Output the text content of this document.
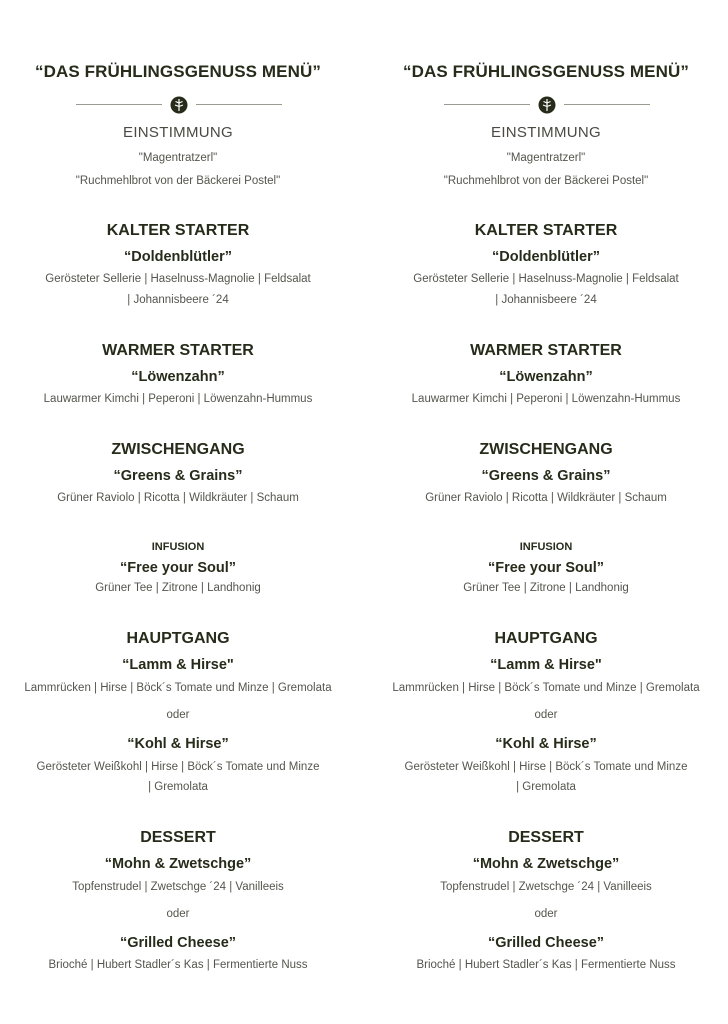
“DAS FRÜHLINGSGENUSS MENÜ”
EINSTIMMUNG
"Magentratzerl"
"Ruchmehlbrot von der Bäckerei Postel"
KALTER STARTER
“Doldenblütler”
Gerösteter Sellerie | Haselnuss-Magnolie | Feldsalat
| Johannisbeere ´24
WARMER STARTER
“Löwenzahn”
Lauwarmer Kimchi | Peperoni | Löwenzahn-Hummus
ZWISCHENGANG
“Greens & Grains”
Grüner Raviolo | Ricotta | Wildkräuter | Schaum
INFUSION
“Free your Soul”
Grüner Tee | Zitrone | Landhonig
HAUPTGANG
“Lamm & Hirse"
Lammrücken | Hirse | Böck´s Tomate und Minze | Gremolata
oder
“Kohl & Hirse”
Gerösteter Weißkohl | Hirse | Böck´s Tomate und Minze
| Gremolata
DESSERT
“Mohn & Zwetschge”
Topfenstrudel | Zwetschge ´24 | Vanilleeis
oder
“Grilled Cheese”
Brioché | Hubert Stadler´s Kas | Fermentierte Nuss
“DAS FRÜHLINGSGENUSS MENÜ”
EINSTIMMUNG
"Magentratzerl"
"Ruchmehlbrot von der Bäckerei Postel"
KALTER STARTER
“Doldenblütler”
Gerösteter Sellerie | Haselnuss-Magnolie | Feldsalat
| Johannisbeere ´24
WARMER STARTER
“Löwenzahn”
Lauwarmer Kimchi | Peperoni | Löwenzahn-Hummus
ZWISCHENGANG
“Greens & Grains”
Grüner Raviolo | Ricotta | Wildkräuter | Schaum
INFUSION
“Free your Soul”
Grüner Tee | Zitrone | Landhonig
HAUPTGANG
“Lamm & Hirse"
Lammrücken | Hirse | Böck´s Tomate und Minze | Gremolata
oder
“Kohl & Hirse”
Gerösteter Weißkohl | Hirse | Böck´s Tomate und Minze
| Gremolata
DESSERT
“Mohn & Zwetschge”
Topfenstrudel | Zwetschge ´24 | Vanilleeis
oder
“Grilled Cheese”
Brioché | Hubert Stadler´s Kas | Fermentierte Nuss
